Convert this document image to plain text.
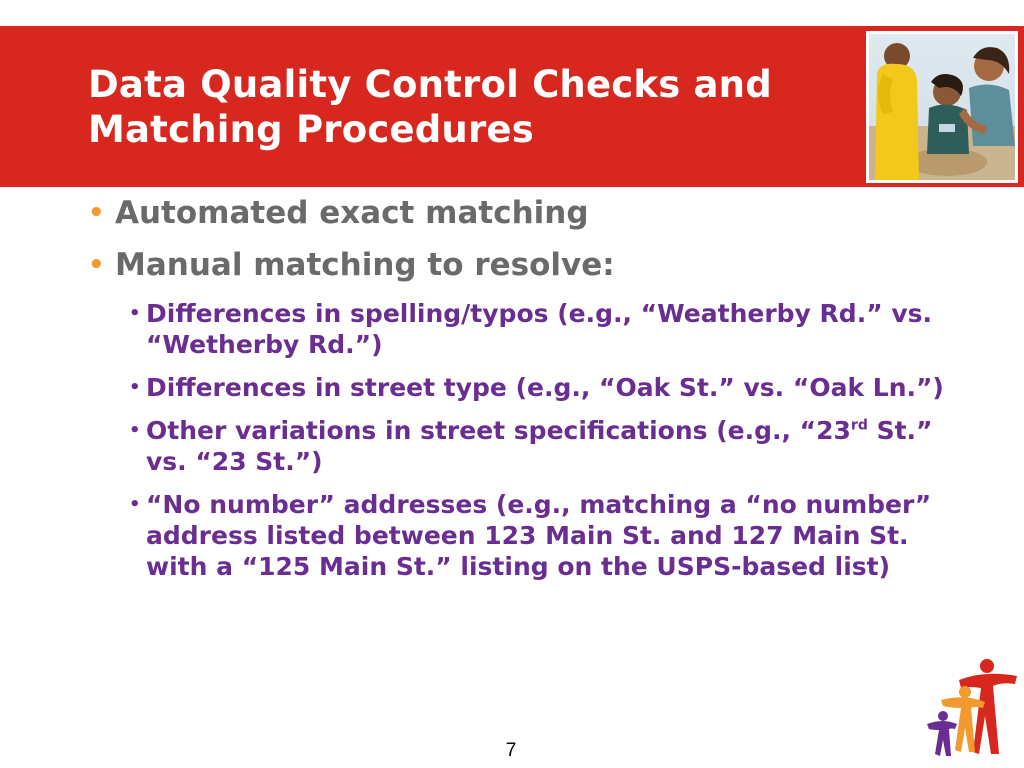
Data Quality Control Checks and
Matching Procedures
• Automated exact matching
• Manual matching to resolve:
• Differences in spelling/typos (e.g., “Weatherby Rd.” vs. “Wetherby Rd.”)
• Differences in street type (e.g., “Oak St.” vs. “Oak Ln.”)
• Other variations in street specifications (e.g., “23rd St.” vs. “23 St.”)
• “No number” addresses (e.g., matching a “no number” address listed between 123 Main St. and 127 Main St. with a “125 Main St.” listing on the USPS-based list)
7
